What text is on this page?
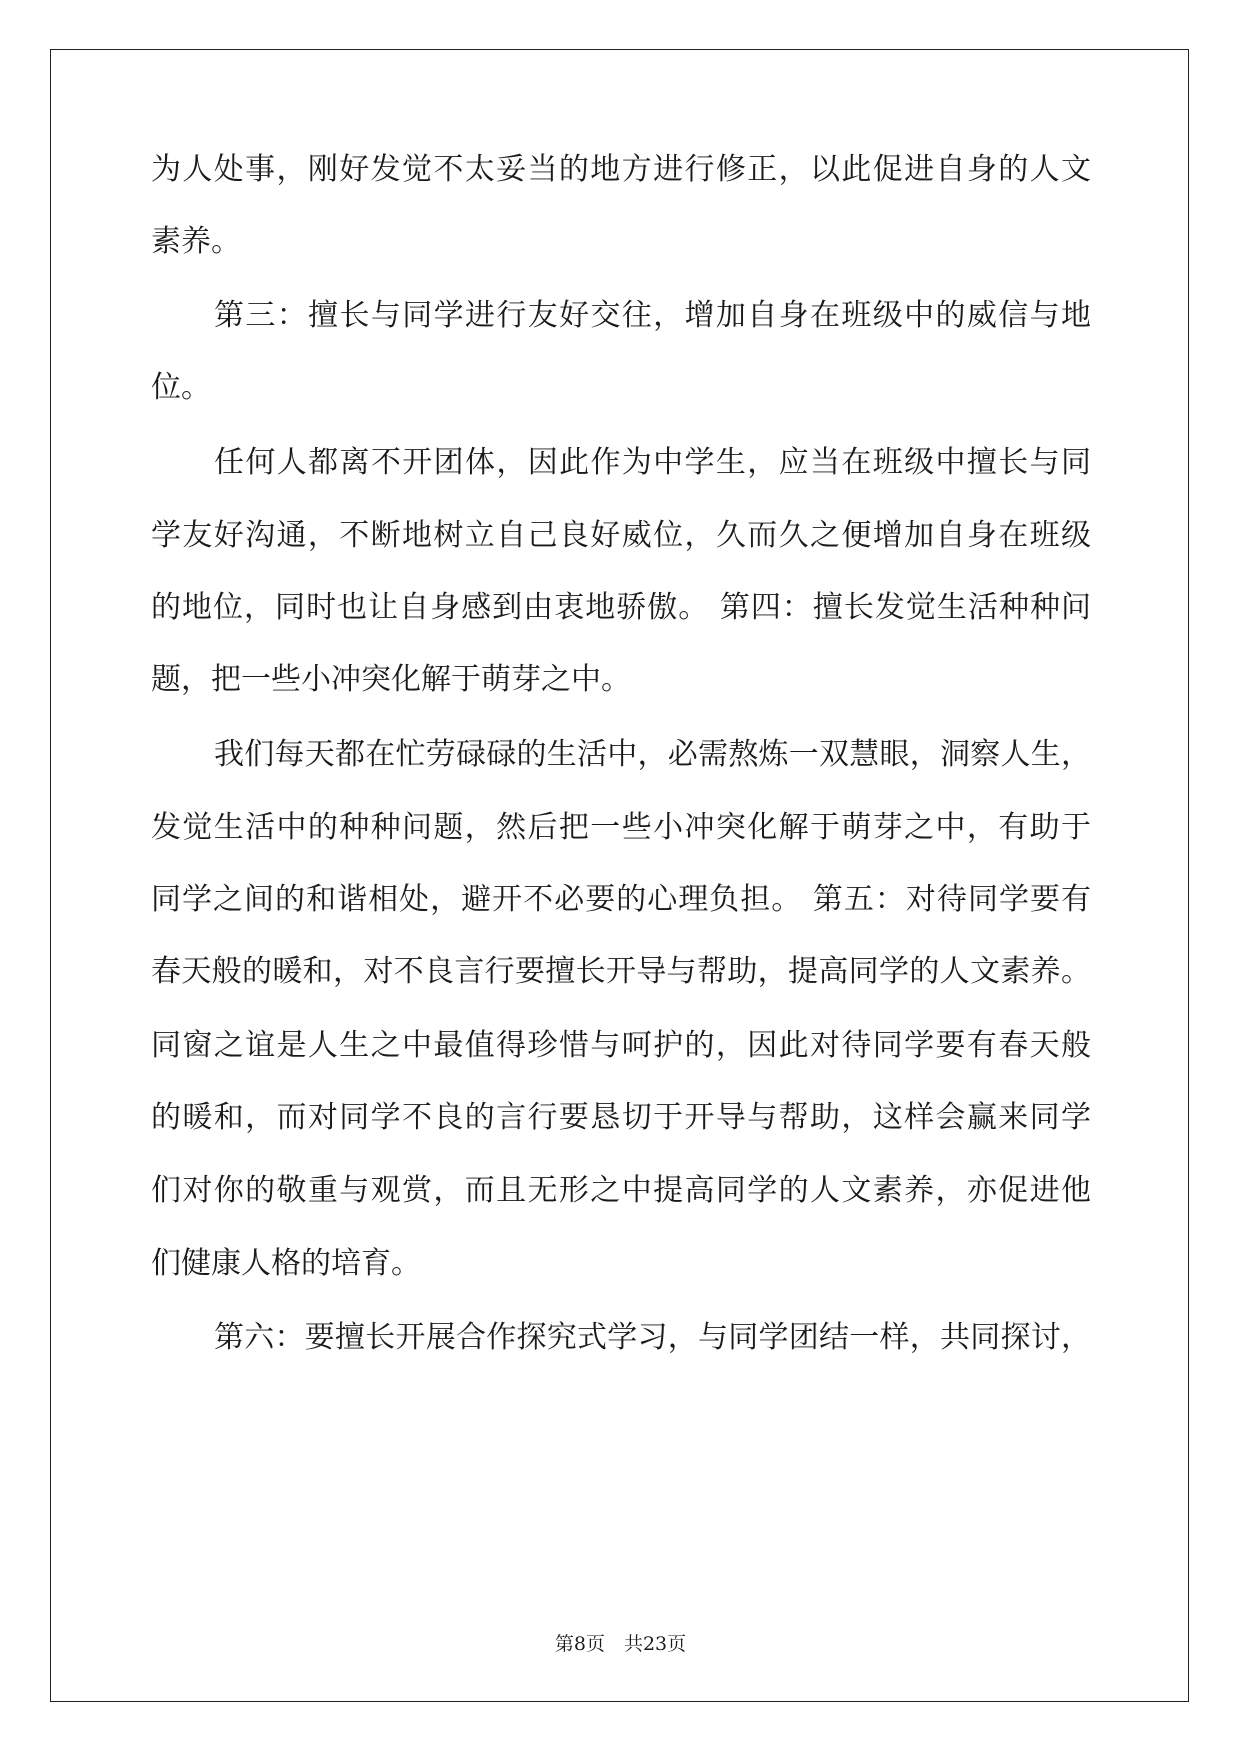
为人处事，刚好发觉不太妥当的地方进行修正，以此促进自身的人文

素养。

第三：擅长与同学进行友好交往，增加自身在班级中的威信与地

位。

任何人都离不开团体，因此作为中学生，应当在班级中擅长与同

学友好沟通，不断地树立自己良好威位，久而久之便增加自身在班级

的地位，同时也让自身感到由衷地骄傲。 第四：擅长发觉生活种种问

题，把一些小冲突化解于萌芽之中。

我们每天都在忙劳碌碌的生活中，必需熬炼一双慧眼，洞察人生，

发觉生活中的种种问题，然后把一些小冲突化解于萌芽之中，有助于

同学之间的和谐相处，避开不必要的心理负担。 第五：对待同学要有

春天般的暖和，对不良言行要擅长开导与帮助，提高同学的人文素养。

同窗之谊是人生之中最值得珍惜与呵护的，因此对待同学要有春天般

的暖和，而对同学不良的言行要恳切于开导与帮助，这样会赢来同学

们对你的敬重与观赏，而且无形之中提高同学的人文素养，亦促进他

们健康人格的培育。

第六：要擅长开展合作探究式学习，与同学团结一样，共同探讨，

第8页　共23页
